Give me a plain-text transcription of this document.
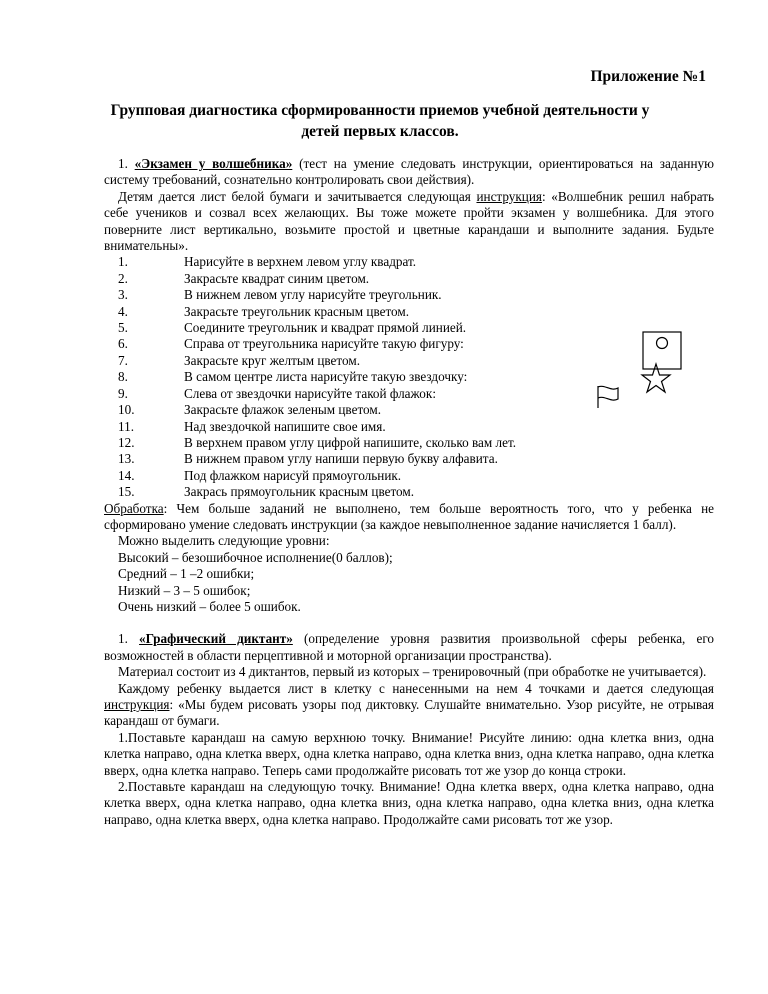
Приложение №1
Групповая диагностика сформированности приемов учебной деятельности у детей первых классов.

1. «Экзамен у волшебника» (тест на умение следовать инструкции, ориентироваться на заданную систему требований, сознательно контролировать свои действия).

Детям дается лист белой бумаги и зачитывается следующая инструкция: «Волшебник решил набрать себе учеников и созвал всех желающих. Вы тоже можете пройти экзамен у волшебника. Для этого поверните лист вертикально, возьмите простой и цветные карандаши и выполните задания. Будьте внимательны».

1.	Нарисуйте в верхнем левом углу квадрат.
2.	Закрасьте квадрат синим цветом.
3.	В нижнем левом углу нарисуйте треугольник.
4.	Закрасьте треугольник красным цветом.
5.	Соедините треугольник и квадрат прямой линией.
6.	Справа от треугольника нарисуйте такую фигуру:
7.	Закрасьте круг желтым цветом.
8.	В самом центре листа нарисуйте такую звездочку:
9.	Слева от звездочки нарисуйте такой флажок:
10.	Закрасьте флажок зеленым цветом.
11.	Над звездочкой напишите свое имя.
12.	В верхнем правом углу цифрой напишите, сколько вам лет.
13.	В нижнем правом углу напиши первую букву алфавита.
14.	Под флажком нарисуй прямоугольник.
15.	Закрась прямоугольник красным цветом.

Обработка: Чем больше заданий не выполнено, тем больше вероятность того, что у ребенка не сформировано умение следовать инструкции (за каждое невыполненное задание начисляется 1 балл).

Можно выделить следующие уровни:

Высокий – безошибочное исполнение(0 баллов);

Средний – 1 –2 ошибки;

Низкий – 3 – 5 ошибок;

Очень низкий – более 5 ошибок.

1. «Графический диктант» (определение уровня развития произвольной сферы ребенка, его возможностей в области перцептивной и моторной организации пространства).

Материал состоит из 4 диктантов, первый из которых – тренировочный (при обработке не учитывается).

Каждому ребенку выдается лист в клетку с нанесенными на нем 4 точками и дается следующая инструкция: «Мы будем рисовать узоры под диктовку. Слушайте внимательно. Узор рисуйте, не отрывая карандаш от бумаги.

1.Поставьте карандаш на самую верхнюю точку. Внимание! Рисуйте линию: одна клетка вниз, одна клетка направо, одна клетка вверх, одна клетка направо, одна клетка вниз, одна клетка направо, одна клетка вверх, одна клетка направо. Теперь сами продолжайте рисовать тот же узор до конца строки.

2.Поставьте карандаш на следующую точку. Внимание! Одна клетка вверх, одна клетка направо, одна клетка вверх, одна клетка направо, одна клетка вниз, одна клетка направо, одна клетка вниз, одна клетка направо, одна клетка вверх, одна клетка направо. Продолжайте сами рисовать тот же узор.
